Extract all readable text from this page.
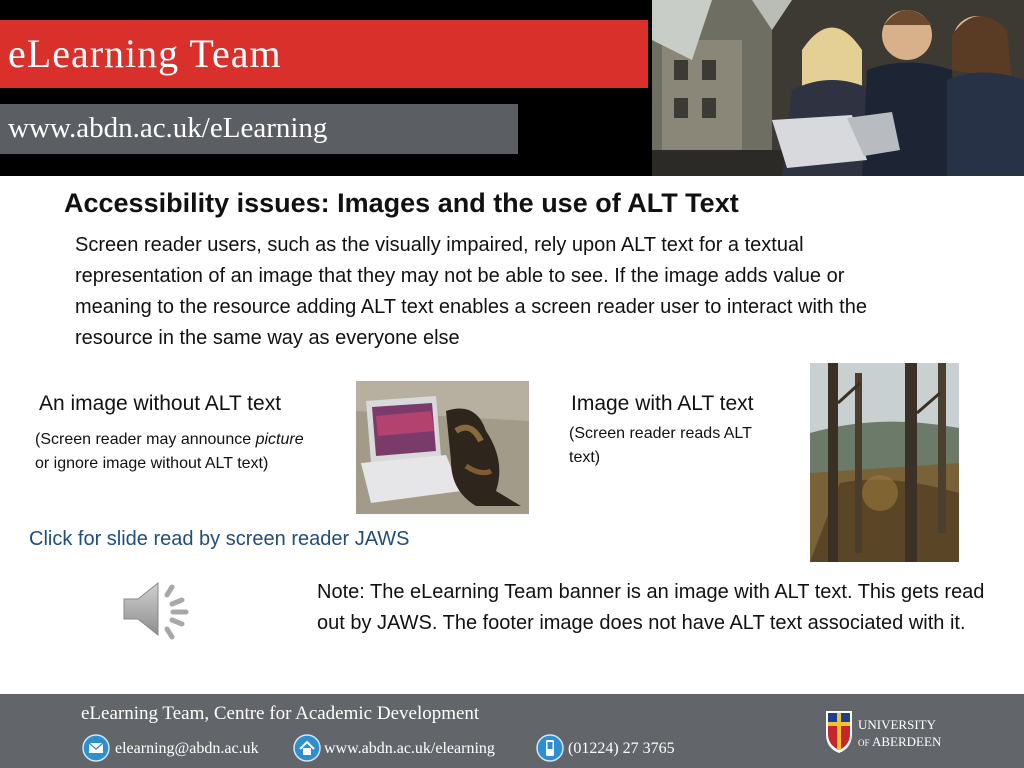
eLearning Team
www.abdn.ac.uk/eLearning
Accessibility issues: Images and the use of ALT Text

Screen reader users, such as the visually impaired, rely upon ALT text for a textual representation of an image that they may not be able to see. If the image adds value or meaning to the resource adding ALT text enables a screen reader user to interact with the resource in the same way as everyone else

An image without ALT text

(Screen reader may announce picture or ignore image without ALT text)

Image with ALT text

(Screen reader reads ALT text)

Click for slide read by screen reader JAWS

Note: The eLearning Team banner is an image with ALT text. This gets read out by JAWS. The footer image does not have ALT text associated with it.

eLearning Team, Centre for Academic Development
elearning@abdn.ac.uk	www.abdn.ac.uk/elearning	(01224) 27 3765
UNIVERSITY
OF ABERDEEN
